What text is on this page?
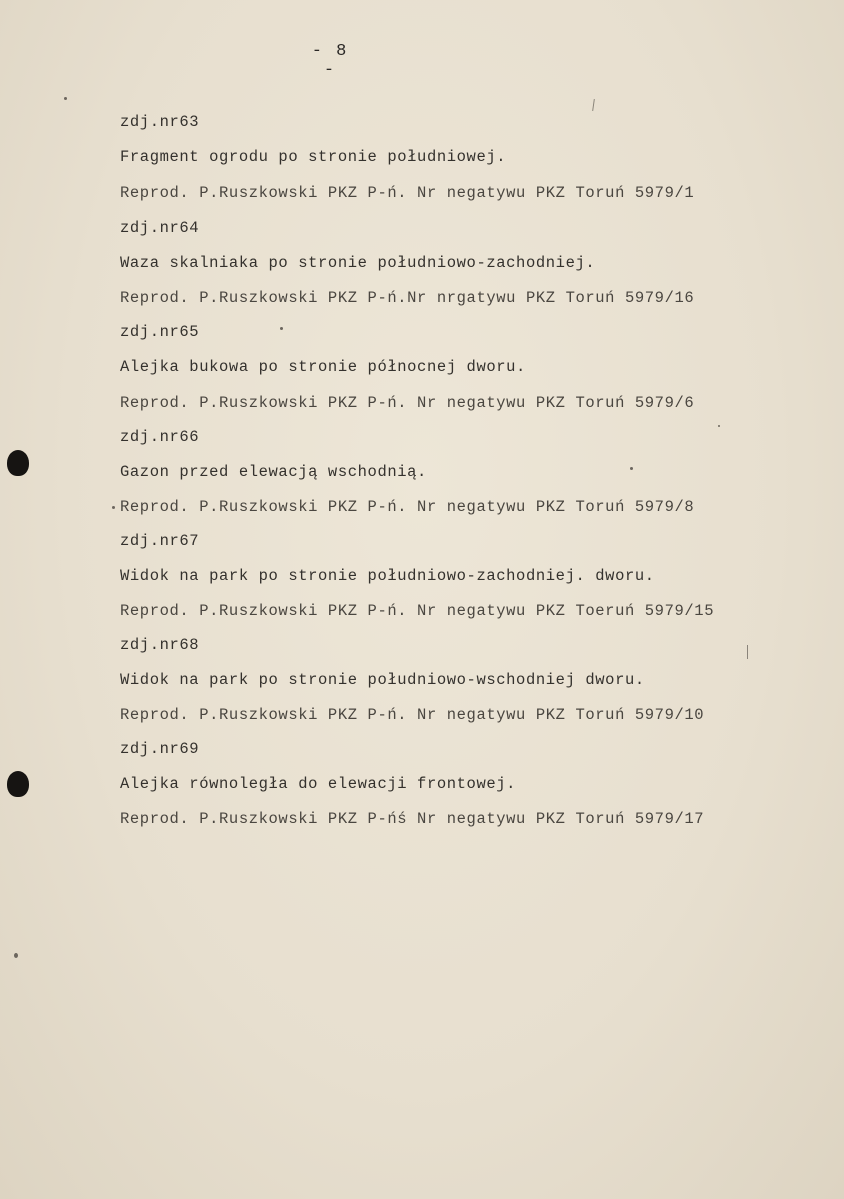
- 8 -
zdj.nr63
Fragment ogrodu po stronie południowej.
Reprod. P.Ruszkowski PKZ P-ń. Nr negatywu PKZ Toruń 5979/1
zdj.nr64
Waza skalniaka po stronie południowo-zachodniej.
Reprod. P.Ruszkowski PKZ P-ń.Nr nrgatywu PKZ Toruń 5979/16
zdj.nr65
Alejka bukowa po stronie północnej dworu.
Reprod. P.Ruszkowski PKZ P-ń. Nr negatywu PKZ Toruń 5979/6
zdj.nr66
Gazon przed elewacją wschodnią.
Reprod. P.Ruszkowski PKZ P-ń. Nr negatywu PKZ Toruń 5979/8
zdj.nr67
Widok na park po stronie południowo-zachodniej. dworu.
Reprod. P.Ruszkowski PKZ P-ń. Nr negatywu PKZ Toeruń 5979/15
zdj.nr68
Widok na park po stronie południowo-wschodniej dworu.
Reprod. P.Ruszkowski PKZ P-ń. Nr negatywu PKZ Toruń 5979/10
zdj.nr69
Alejka równoległa do elewacji frontowej.
Reprod. P.Ruszkowski PKZ P-ńś Nr negatywu PKZ Toruń 5979/17
